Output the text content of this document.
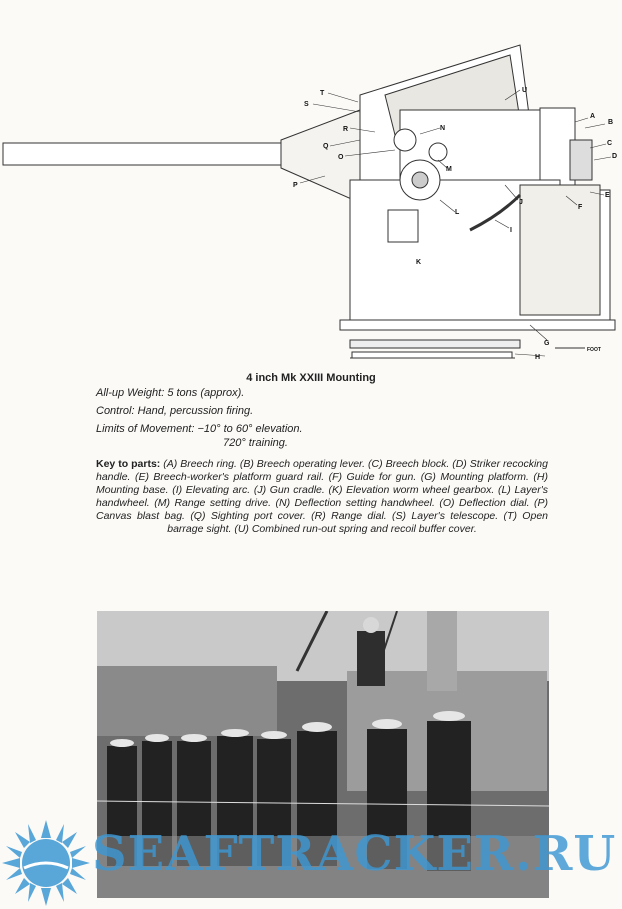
A
B
C
D
E
F
G
H
I
J
K
L
M
N
O
P
Q
R
S
T	U
FOOT
4 inch Mk XXIII Mounting
All-up Weight: 5 tons (approx).
Control: Hand, percussion firing.
Limits of Movement: −10° to 60° elevation.
720° training.
Key to parts: (A) Breech ring. (B) Breech operating lever. (C) Breech block. (D) Striker recocking handle. (E) Breech-worker's platform guard rail. (F) Guide for gun. (G) Mounting platform. (H) Mounting base. (I) Elevating arc. (J) Gun cradle. (K) Elevation worm wheel gearbox. (L) Layer's handwheel. (M) Range setting drive. (N) Deflection setting handwheel. (O) Deflection dial. (P) Canvas blast bag. (Q) Sighting port cover. (R) Range dial. (S) Layer's telescope. (T) Open barrage sight. (U) Combined run-out spring and recoil buffer cover.
SEAFTRACKER.RU
